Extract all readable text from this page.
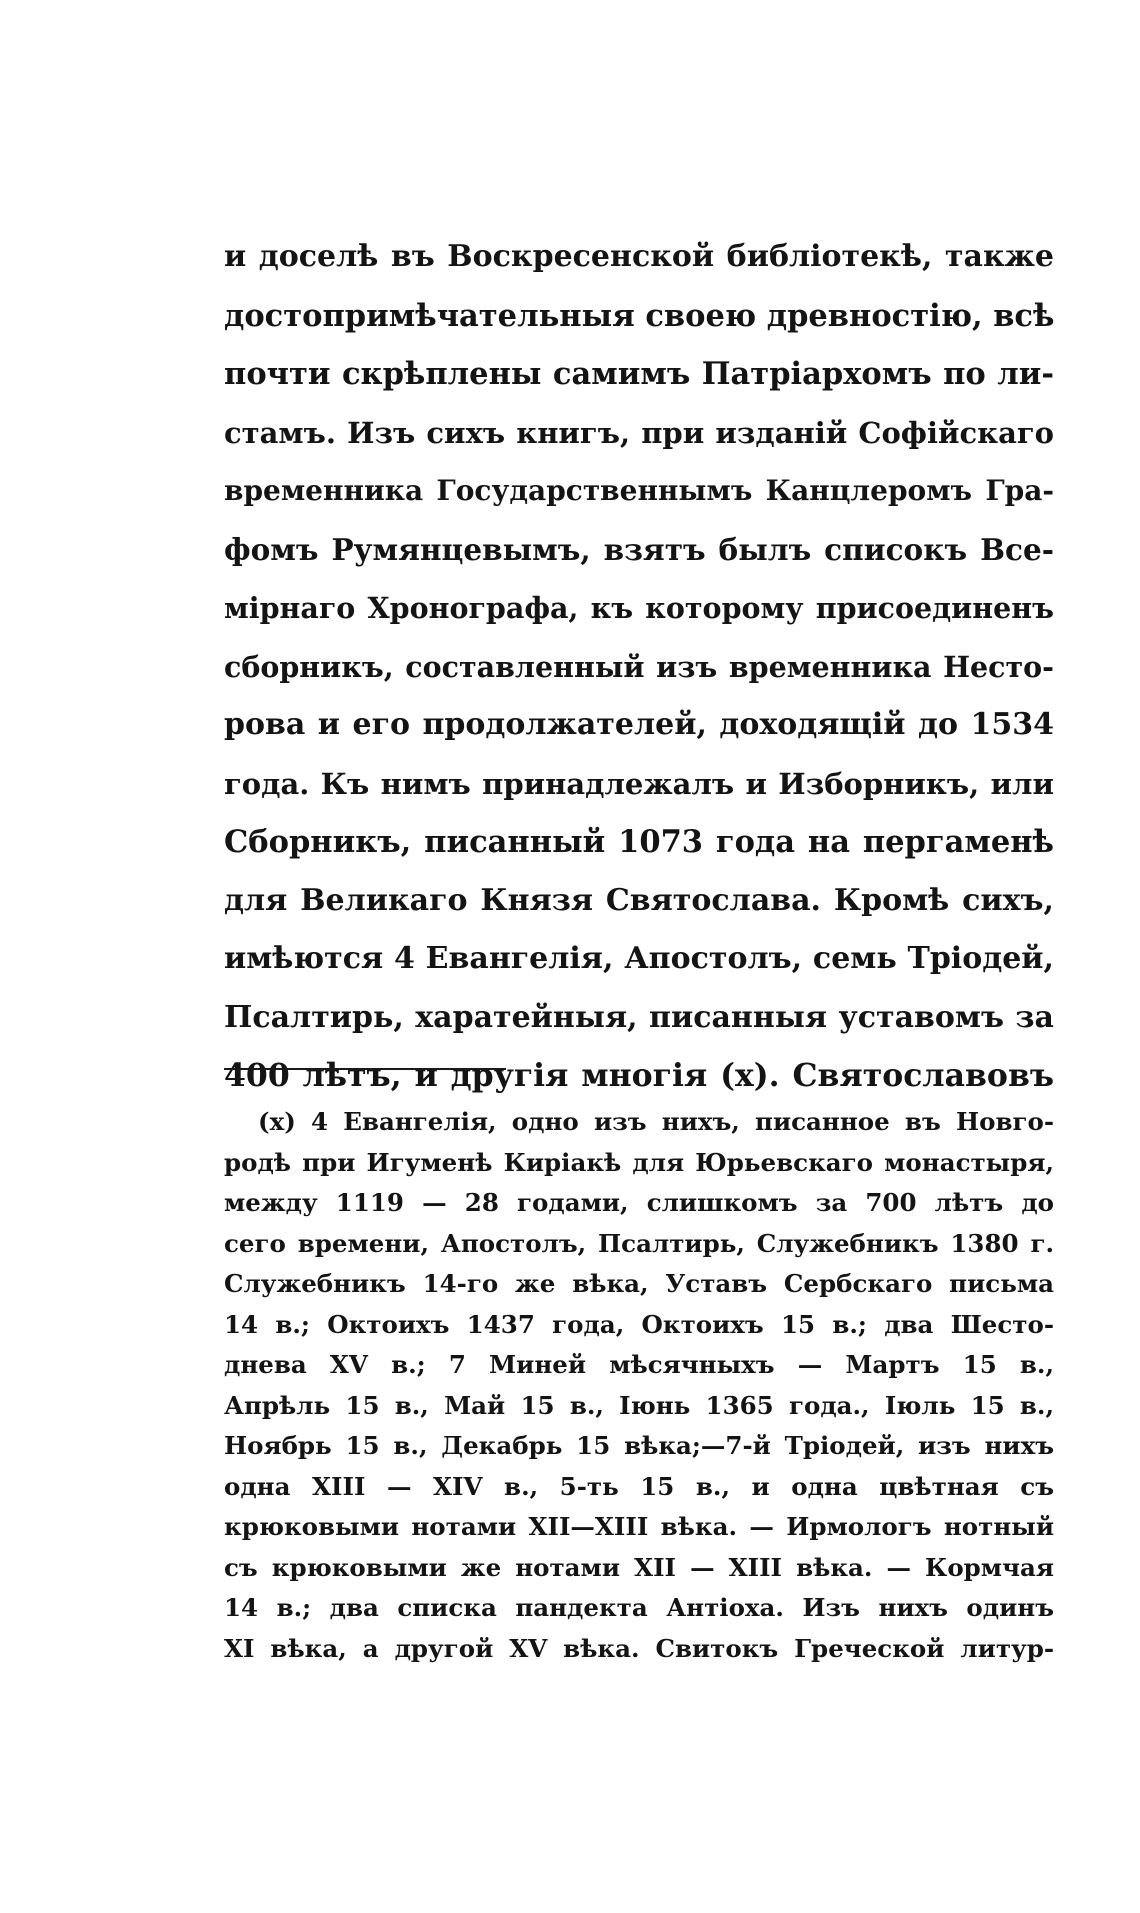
и доселѣ въ Воскресенской библіотекѣ, также
достопримѣчательныя своею древностію, всѣ
почти скрѣплены самимъ Патріархомъ по ли-
стамъ. Изъ сихъ книгъ, при изданій Софійскаго
временника Государственнымъ Канцлеромъ Гра-
фомъ Румянцевымъ, взятъ былъ списокъ Все-
мірнаго Хронографа, къ которому присоединенъ
сборникъ, составленный изъ временника Несто-
рова и его продолжателей, доходящій до 1534
года. Къ нимъ принадлежалъ и Изборникъ, или
Сборникъ, писанный 1073 года на пергаменѣ
для Великаго Князя Святослава. Кромѣ сихъ,
имѣются 4 Евангелія, Апостолъ, семь Тріодей,
Псалтирь, харатейныя, писанныя уставомъ за
400 лѣтъ, и другія многія (x). Святославовъ
(x) 4 Евангелія, одно изъ нихъ, писанное въ Новго-
родѣ при Игуменѣ Киріакѣ для Юрьевскаго монастыря,
между 1119 — 28 годами, слишкомъ за 700 лѣтъ до
сего времени, Апостолъ, Псалтирь, Служебникъ 1380 г.
Служебникъ 14-го же вѣка, Уставъ Сербскаго письма
14 в.; Октоихъ 1437 года, Октоихъ 15 в.; два Шесто-
днева XV в.; 7 Миней мѣсячныхъ — Мартъ 15 в.,
Апрѣль 15 в., Май 15 в., Іюнь 1365 года., Іюль 15 в.,
Ноябрь 15 в., Декабрь 15 вѣка;—7-й Тріодей, изъ нихъ
одна XIII — XIV в., 5-ть 15 в., и одна цвѣтная съ
крюковыми нотами XII—XIII вѣка. — Ирмологъ нотный
съ крюковыми же нотами XII — XIII вѣка. — Кормчая
14 в.; два списка пандекта Антіоха. Изъ нихъ одинъ
XI вѣка, а другой XV вѣка. Свитокъ Греческой литур-
